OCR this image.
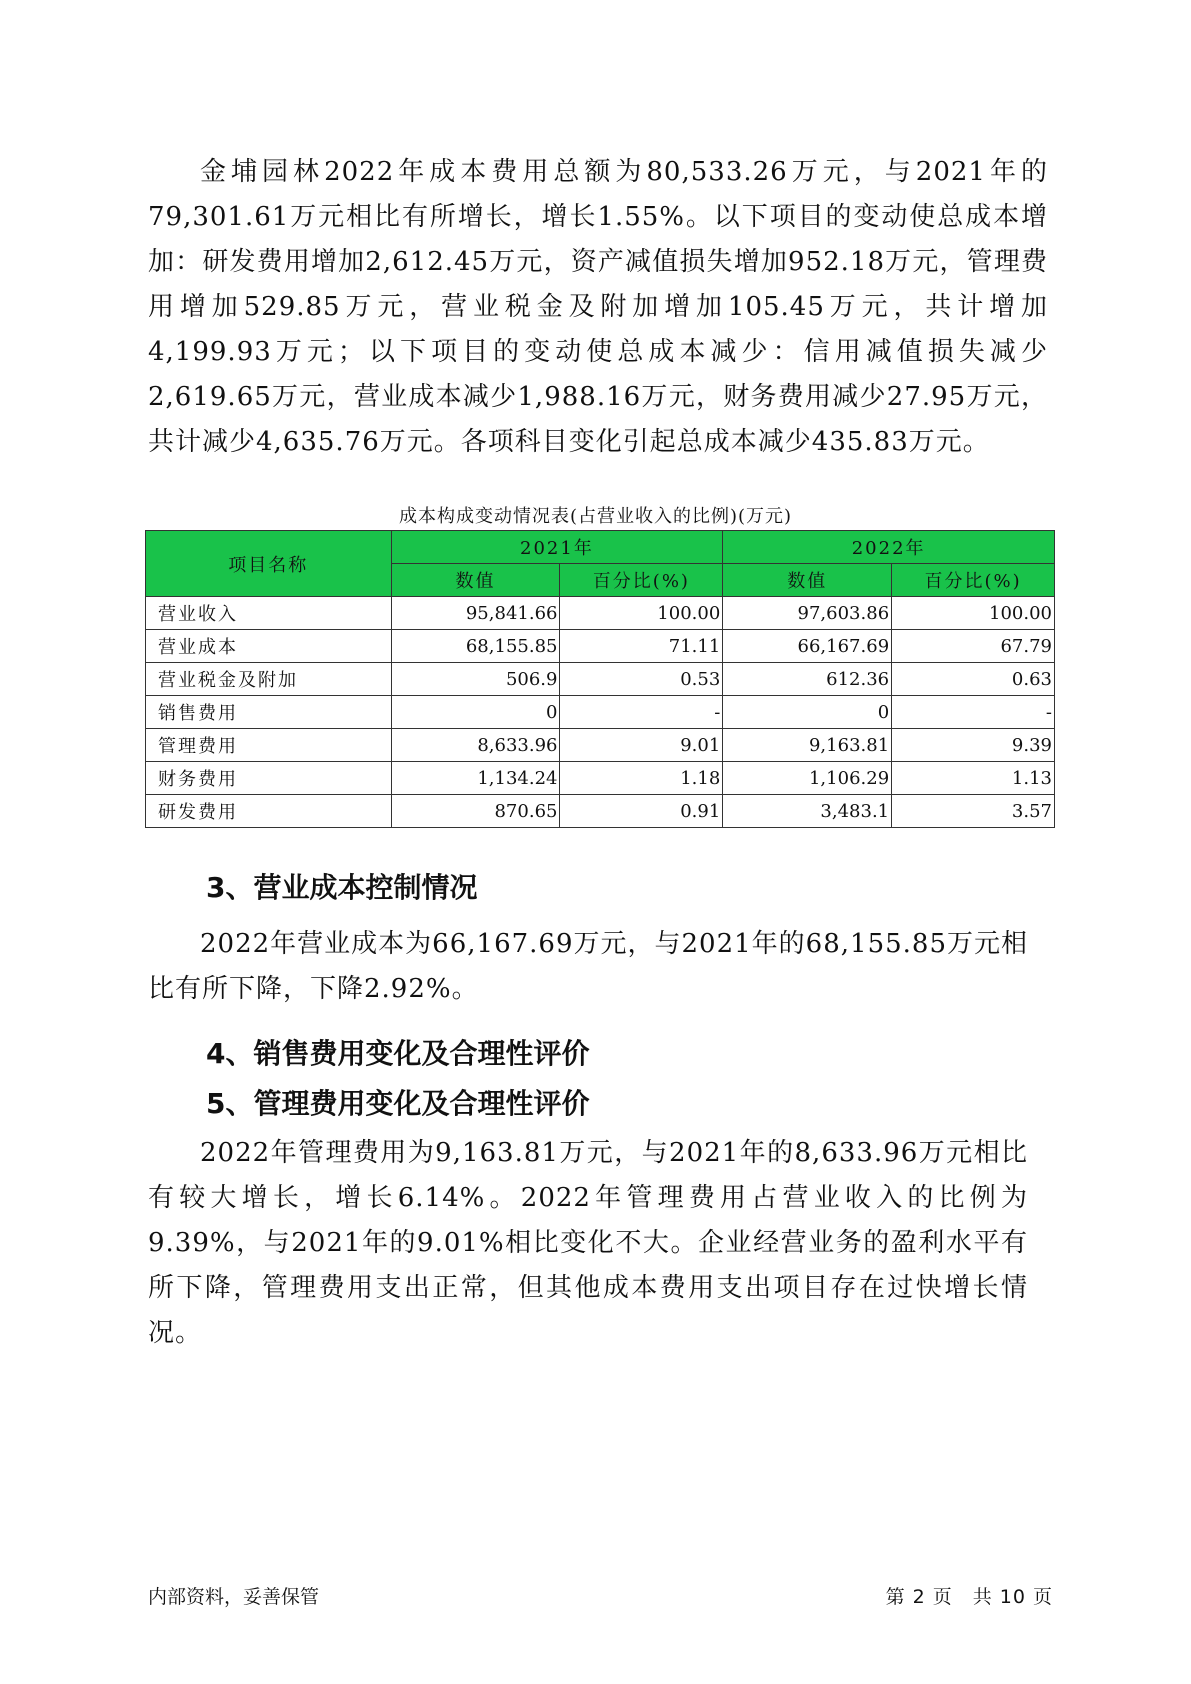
金埔园林2022年成本费用总额为80,533.26万元，与2021年的79,301.61万元相比有所增长，增长1.55%。以下项目的变动使总成本增加：研发费用增加2,612.45万元，资产减值损失增加952.18万元，管理费用增加529.85万元，营业税金及附加增加105.45万元，共计增加4,199.93万元；以下项目的变动使总成本减少：信用减值损失减少2,619.65万元，营业成本减少1,988.16万元，财务费用减少27.95万元，共计减少4,635.76万元。各项科目变化引起总成本减少435.83万元。

成本构成变动情况表(占营业收入的比例)(万元)
项目名称	2021年		2022年	
	数值	百分比(%)	数值	百分比(%)
营业收入	95,841.66	100.00	97,603.86	100.00
营业成本	68,155.85	71.11	66,167.69	67.79
营业税金及附加	506.9	0.53	612.36	0.63
销售费用	0	-	0	-
管理费用	8,633.96	9.01	9,163.81	9.39
财务费用	1,134.24	1.18	1,106.29	1.13
研发费用	870.65	0.91	3,483.1	3.57
3、营业成本控制情况

2022年营业成本为66,167.69万元，与2021年的68,155.85万元相比有所下降，下降2.92%。

4、销售费用变化及合理性评价
5、管理费用变化及合理性评价

2022年管理费用为9,163.81万元，与2021年的8,633.96万元相比有较大增长，增长6.14%。2022年管理费用占营业收入的比例为9.39%，与2021年的9.01%相比变化不大。企业经营业务的盈利水平有所下降，管理费用支出正常，但其他成本费用支出项目存在过快增长情况。

内部资料，妥善保管	第 2 页　共 10 页
